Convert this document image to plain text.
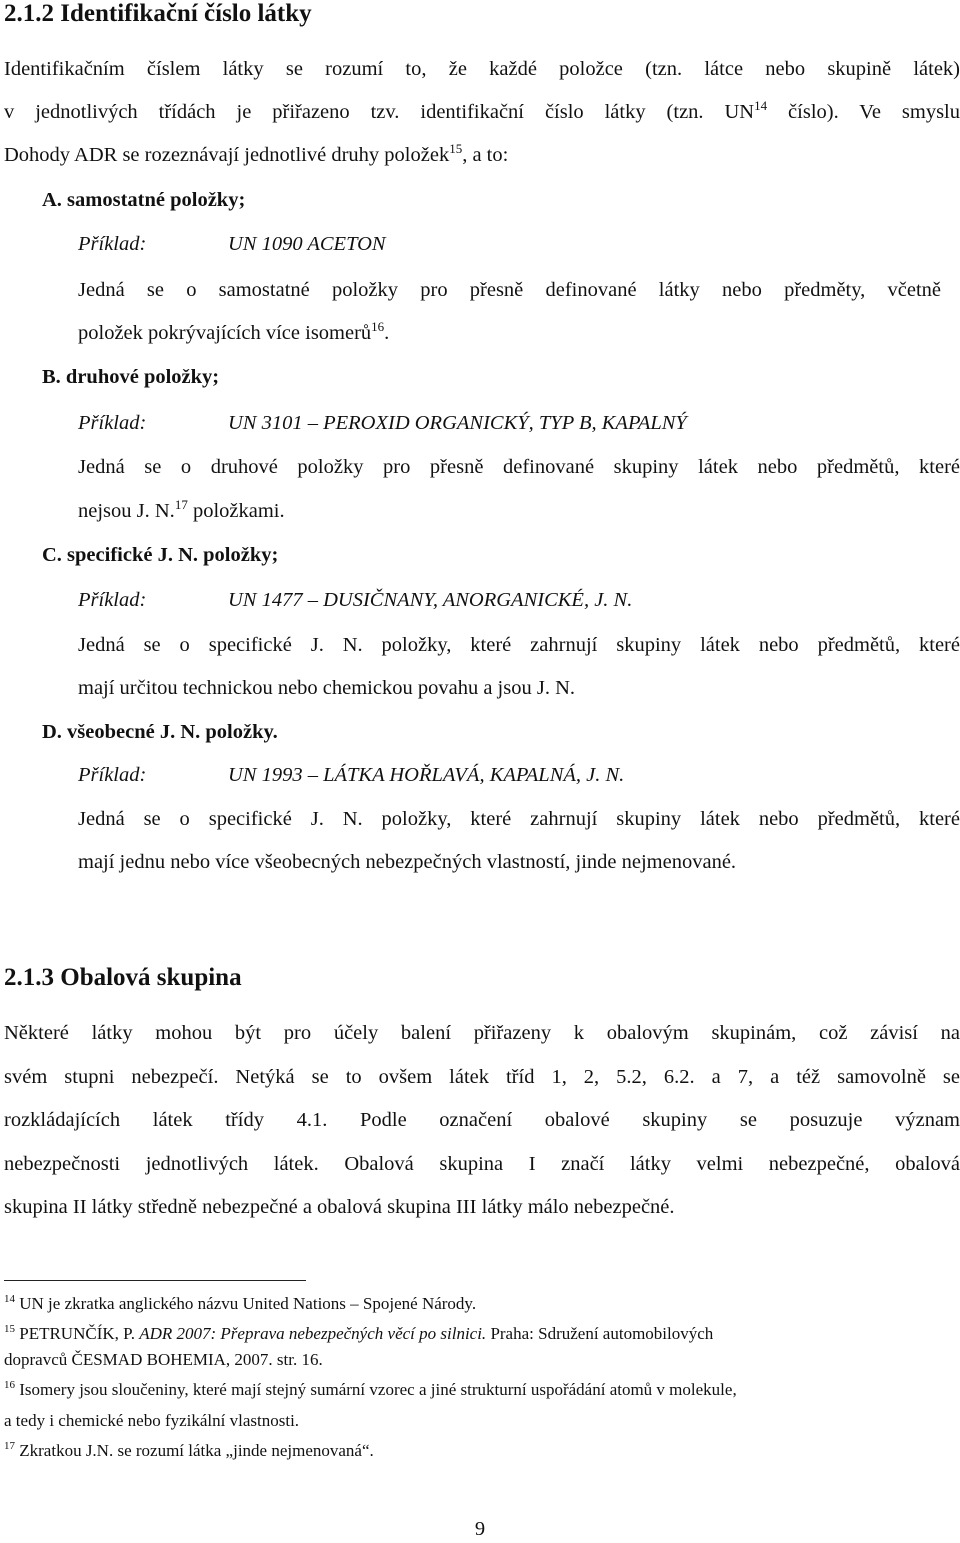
2.1.2 Identifikační číslo látky
Identifikačním číslem látky se rozumí to, že každé položce (tzn. látce nebo skupině látek)
v jednotlivých třídách je přiřazeno tzv. identifikační číslo látky (tzn. UN$^{14}$ číslo). Ve smyslu
Dohody ADR se rozeznávají jednotlivé druhy položek$^{15}$, a to:
A. samostatné položky;
Příklad:	UN 1090 ACETON
Jedná se o samostatné položky pro přesně definované látky nebo předměty, včetně
položek pokrývajících více isomerů$^{16}$.
B. druhové položky;
Příklad:	UN 3101 – PEROXID ORGANICKÝ, TYP B, KAPALNÝ
Jedná se o druhové položky pro přesně definované skupiny látek nebo předmětů, které
nejsou J. N.$^{17}$ položkami.
C. specifické J. N. položky;
Příklad:	UN 1477 – DUSIČNANY, ANORGANICKÉ, J. N.
Jedná se o specifické J. N. položky, které zahrnují skupiny látek nebo předmětů, které
mají určitou technickou nebo chemickou povahu a jsou J. N.
D. všeobecné J. N. položky.
Příklad:	UN 1993 – LÁTKA HOŘLAVÁ, KAPALNÁ, J. N.
Jedná se o specifické J. N. položky, které zahrnují skupiny látek nebo předmětů, které
mají jednu nebo více všeobecných nebezpečných vlastností, jinde nejmenované.
2.1.3 Obalová skupina
Některé látky mohou být pro účely balení přiřazeny k obalovým skupinám, což závisí na
svém stupni nebezpečí. Netýká se to ovšem látek tříd 1, 2, 5.2, 6.2. a 7, a též samovolně se
rozkládajících látek třídy 4.1. Podle označení obalové skupiny se posuzuje význam
nebezpečnosti jednotlivých látek. Obalová skupina I značí látky velmi nebezpečné, obalová
skupina II látky středně nebezpečné a obalová skupina III látky málo nebezpečné.
$^{14}$ UN je zkratka anglického názvu United Nations – Spojené Národy.
$^{15}$ PETRUNČÍK, P. ADR 2007: Přeprava nebezpečných věcí po silnici. Praha: Sdružení automobilových
dopravců ČESMAD BOHEMIA, 2007. str. 16.
$^{16}$ Isomery jsou sloučeniny, které mají stejný sumární vzorec a jiné strukturní uspořádání atomů v molekule,
a tedy i chemické nebo fyzikální vlastnosti.
$^{17}$ Zkratkou J.N. se rozumí látka „jinde nejmenovaná“.
9
